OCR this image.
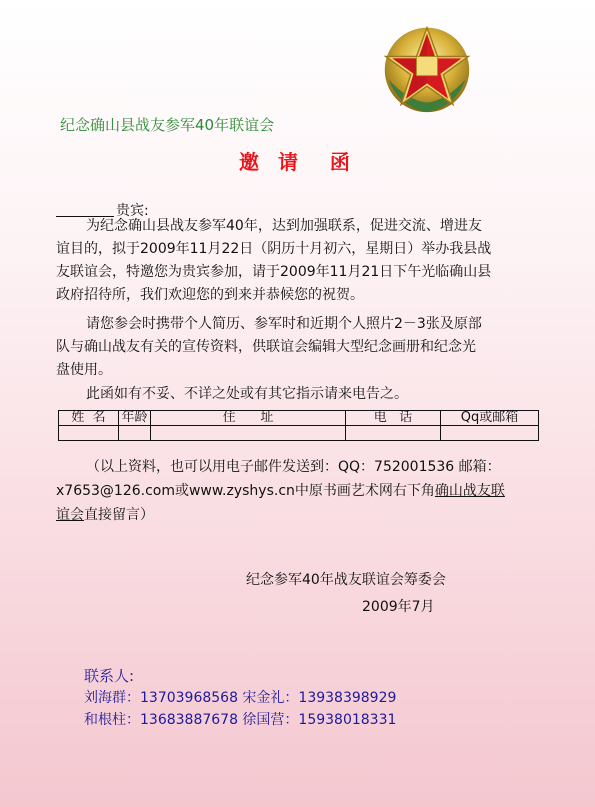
纪念确山县战友参军40年联谊会
邀 请  函
贵宾:
为纪念确山县战友参军40年，达到加强联系，促进交流、增进友
谊目的，拟于2009年11月22日（阴历十月初六，星期日）举办我县战
友联谊会，特邀您为贵宾参加，请于2009年11月21日下午光临确山县
政府招待所，我们欢迎您的到来并恭候您的祝贺。
请您参会时携带个人简历、参军时和近期个人照片2－3张及原部
队与确山战友有关的宣传资料，供联谊会编辑大型纪念画册和纪念光
盘使用。
此函如有不妥、不详之处或有其它指示请来电告之。
姓  名	年龄	住      址	电   话	Qq或邮箱

（以上资料，也可以用电子邮件发送到：QQ：752001536 邮箱：
x7653@126.com或www.zyshys.cn中原书画艺术网右下角确山战友联
谊会直接留言）
纪念参军40年战友联谊会筹委会
2009年7月
联系人:
刘海群：13703968568 宋金礼：13938398929
和根柱：13683887678 徐国营：15938018331
